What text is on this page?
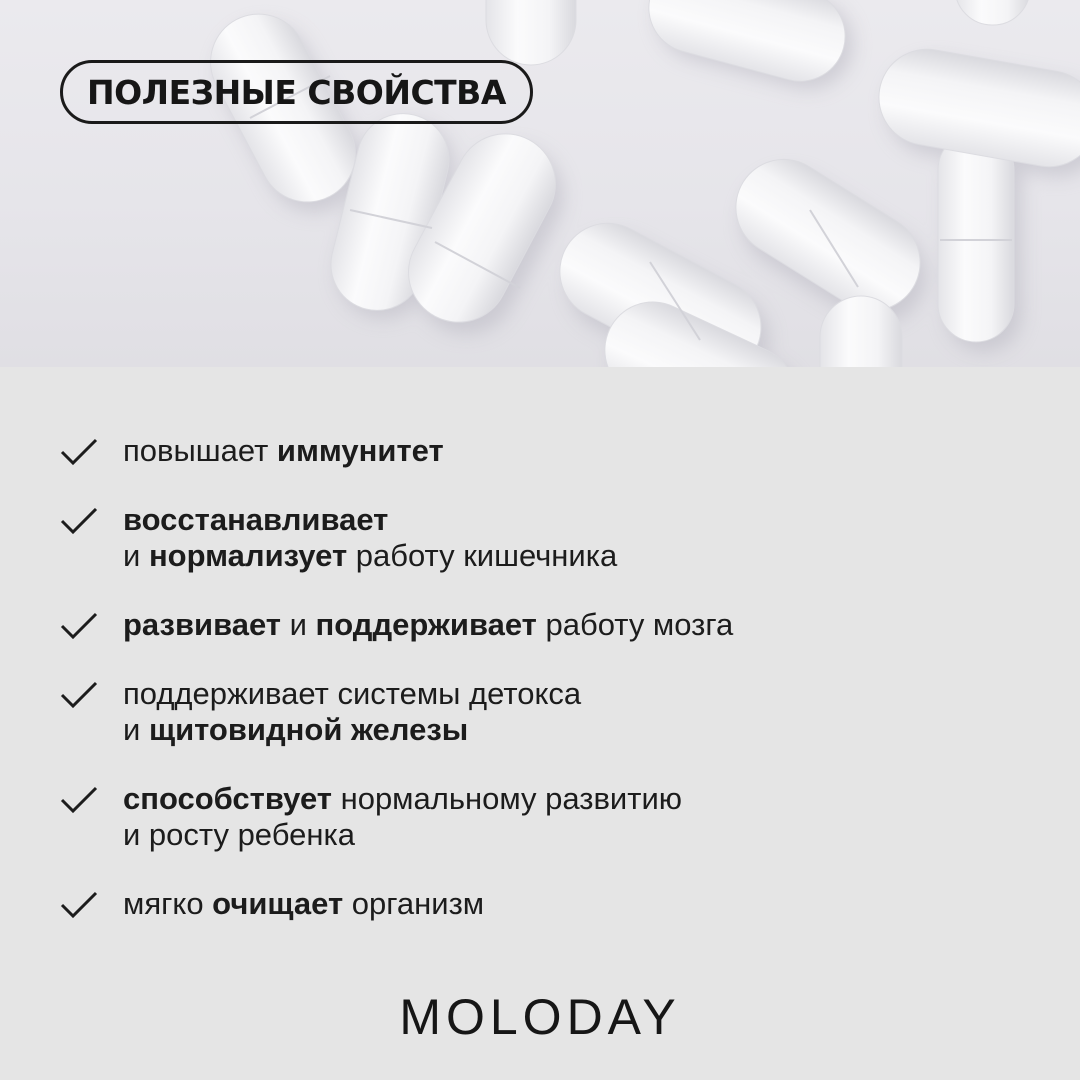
ПОЛЕЗНЫЕ СВОЙСТВА
повышает иммунитет
восстанавливает
и нормализует работу кишечника
развивает и поддерживает работу мозга
поддерживает системы детокса
и щитовидной железы
способствует нормальному развитию
и росту ребенка
мягко очищает организм
MOLODAY
